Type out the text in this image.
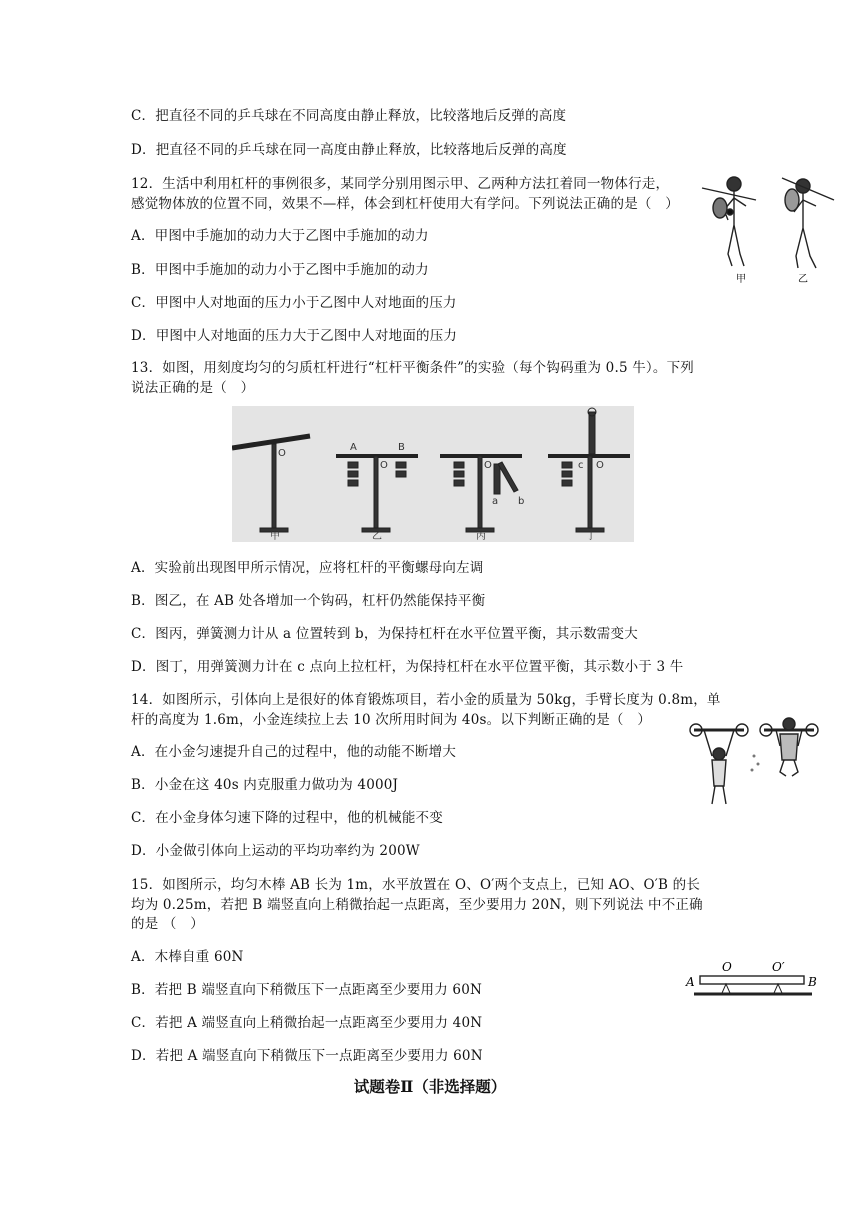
C．把直径不同的乒乓球在不同高度由静止释放，比较落地后反弹的高度
D．把直径不同的乒乓球在同一高度由静止释放，比较落地后反弹的高度
12．生活中利用杠杆的事例很多，某同学分别用图示甲、乙两种方法扛着同一物体行走，
感觉物体放的位置不同，效果不—样，体会到杠杆使用大有学问。下列说法正确的是（　）
A．甲图中手施加的动力大于乙图中手施加的动力
B．甲图中手施加的动力小于乙图中手施加的动力
C．甲图中人对地面的压力小于乙图中人对地面的压力
D．甲图中人对地面的压力大于乙图中人对地面的压力
甲	乙
13．如图，用刻度均匀的匀质杠杆进行“杠杆平衡条件”的实验（每个钩码重为 0.5 牛）。下列
说法正确的是（　）
O
甲
A	B
O
乙
a b
O
丙
c O
丁
A．实验前出现图甲所示情况，应将杠杆的平衡螺母向左调
B．图乙，在 AB 处各增加一个钩码，杠杆仍然能保持平衡
C．图丙，弹簧测力计从 a 位置转到 b，为保持杠杆在水平位置平衡，其示数需变大
D．图丁，用弹簧测力计在 c 点向上拉杠杆，为保持杠杆在水平位置平衡，其示数小于 3 牛
14．如图所示，引体向上是很好的体育锻炼项目，若小金的质量为 50kg，手臂长度为 0.8m，单
杆的高度为 1.6m，小金连续拉上去 10 次所用时间为 40s。以下判断正确的是（　）
A．在小金匀速提升自己的过程中，他的动能不断增大
B．小金在这 40s 内克服重力做功为 4000J
C．在小金身体匀速下降的过程中，他的机械能不变
D．小金做引体向上运动的平均功率约为 200W
15．如图所示，均匀木棒 AB 长为 1m，水平放置在 O、O′两个支点上，已知 AO、O′B 的长
均为 0.25m，若把 B 端竖直向上稍微抬起一点距离，至少要用力 20N，则下列说法 中不正确
的是 （　）
A．木棒自重 60N
B．若把 B 端竖直向下稍微压下一点距离至少要用力 60N
C．若把 A 端竖直向上稍微抬起一点距离至少要用力 40N
D．若把 A 端竖直向下稍微压下一点距离至少要用力 60N
A
O	O′
B
试题卷Ⅱ（非选择题）
